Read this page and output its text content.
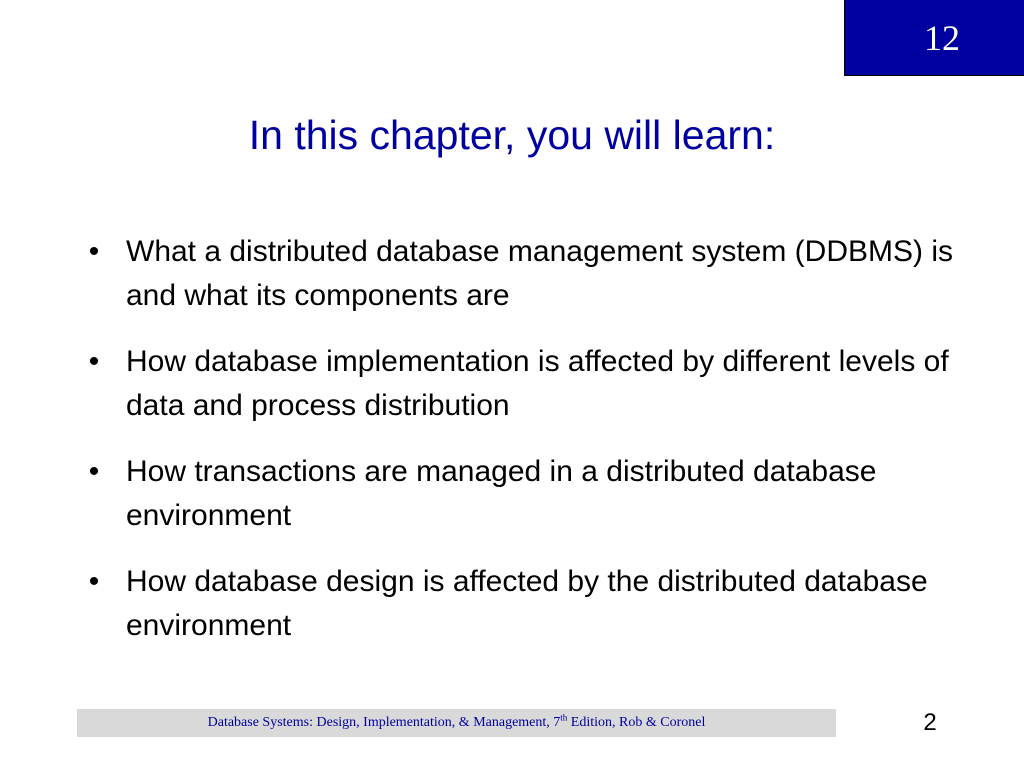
12
In this chapter, you will learn:
• What a distributed database management system (DDBMS) is and what its components are
• How database implementation is affected by different levels of data and process distribution
• How transactions are managed in a distributed database environment
• How database design is affected by the distributed database environment
Database Systems: Design, Implementation, & Management, 7th Edition, Rob & Coronel	2
